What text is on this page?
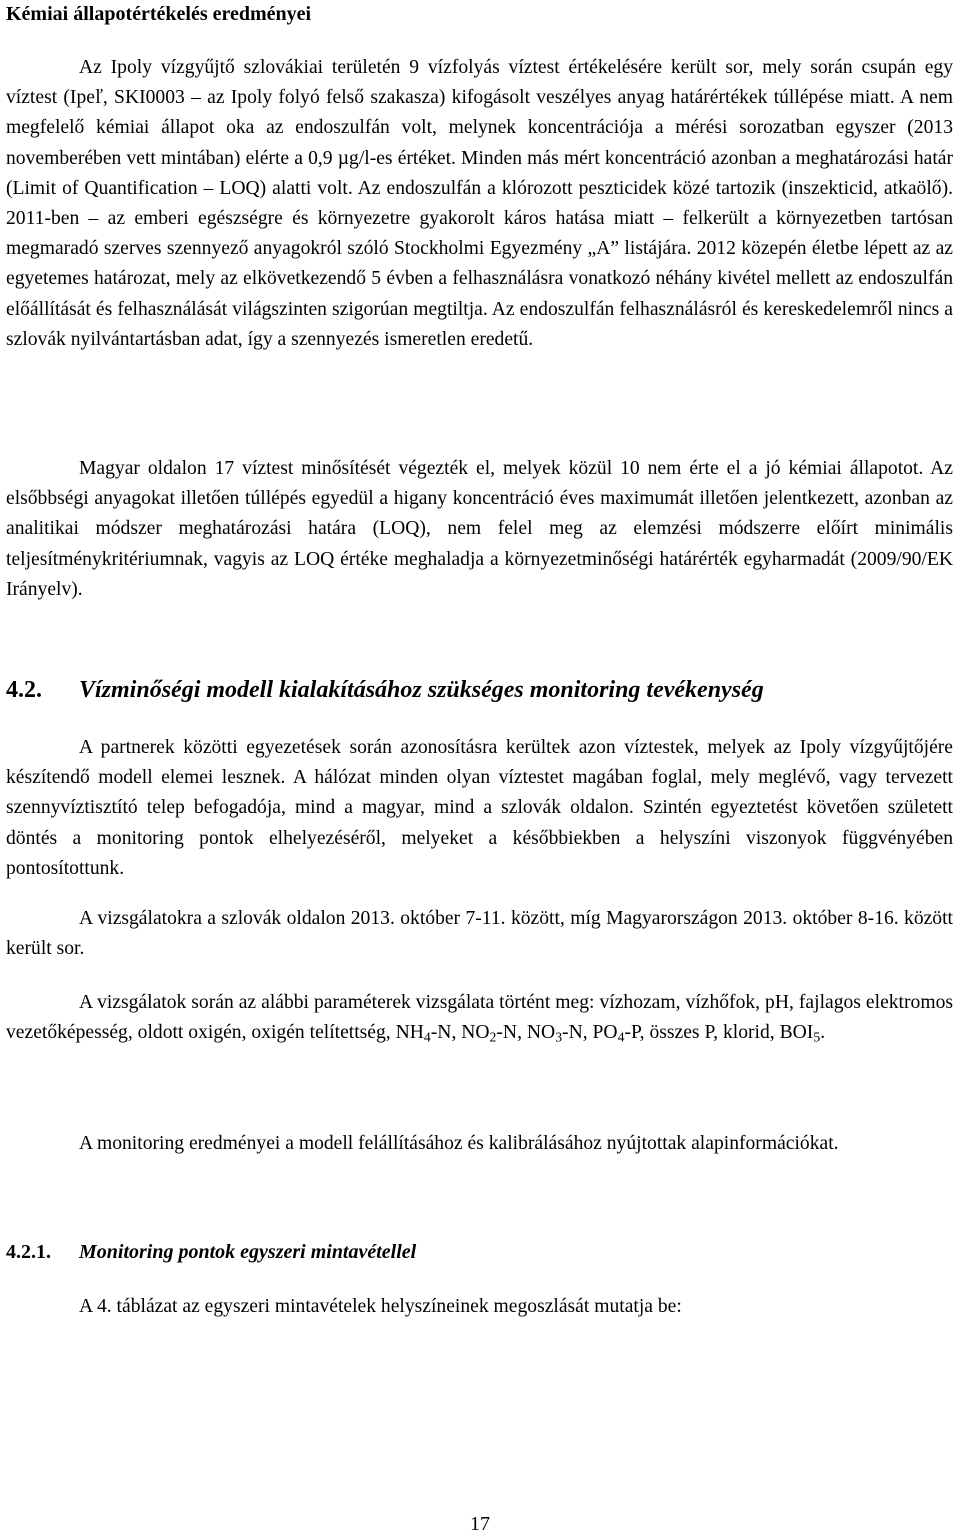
Kémiai állapotértékelés eredményei

Az Ipoly vízgyűjtő szlovákiai területén 9 vízfolyás víztest értékelésére került sor, mely során csupán egy víztest (Ipeľ, SKI0003 – az Ipoly folyó felső szakasza) kifogásolt veszélyes anyag határértékek túllépése miatt. A nem megfelelő kémiai állapot oka az endoszulfán volt, melynek koncentrációja a mérési sorozatban egyszer (2013 novemberében vett mintában) elérte a 0,9 µg/l-es értéket. Minden más mért koncentráció azonban a meghatározási határ (Limit of Quantification – LOQ) alatti volt. Az endoszulfán a klórozott peszticidek közé tartozik (inszekticid, atkaölő). 2011-ben – az emberi egészségre és környezetre gyakorolt káros hatása miatt – felkerült a környezetben tartósan megmaradó szerves szennyező anyagokról szóló Stockholmi Egyezmény „A” listájára. 2012 közepén életbe lépett az az egyetemes határozat, mely az elkövetkezendő 5 évben a felhasználásra vonatkozó néhány kivétel mellett az endoszulfán előállítását és felhasználását világszinten szigorúan megtiltja. Az endoszulfán felhasználásról és kereskedelemről nincs a szlovák nyilvántartásban adat, így a szennyezés ismeretlen eredetű.

Magyar oldalon 17 víztest minősítését végezték el, melyek közül 10 nem érte el a jó kémiai állapotot. Az elsőbbségi anyagokat illetően túllépés egyedül a higany koncentráció éves maximumát illetően jelentkezett, azonban az analitikai módszer meghatározási határa (LOQ), nem felel meg az elemzési módszerre előírt minimális teljesítménykritériumnak, vagyis az LOQ értéke meghaladja a környezetminőségi határérték egyharmadát (2009/90/EK Irányelv).

4.2. Vízminőségi modell kialakításához szükséges monitoring tevékenység

A partnerek közötti egyezetések során azonosításra kerültek azon víztestek, melyek az Ipoly vízgyűjtőjére készítendő modell elemei lesznek. A hálózat minden olyan víztestet magában foglal, mely meglévő, vagy tervezett szennyvíztisztító telep befogadója, mind a magyar, mind a szlovák oldalon. Szintén egyeztetést követően született döntés a monitoring pontok elhelyezéséről, melyeket a későbbiekben a helyszíni viszonyok függvényében pontosítottunk.

A vizsgálatokra a szlovák oldalon 2013. október 7-11. között, míg Magyarországon 2013. október 8-16. között került sor.

A vizsgálatok során az alábbi paraméterek vizsgálata történt meg: vízhozam, vízhőfok, pH, fajlagos elektromos vezetőképesség, oldott oxigén, oxigén telítettség, $NH_4-N$, $NO_2-N$, $NO_3-N$, $PO_4-P$, összes P, klorid, $BOI_5$.

A monitoring eredményei a modell felállításához és kalibrálásához nyújtottak alapinformációkat.

4.2.1. Monitoring pontok egyszeri mintavétellel

A 4. táblázat az egyszeri mintavételek helyszíneinek megoszlását mutatja be:

17
